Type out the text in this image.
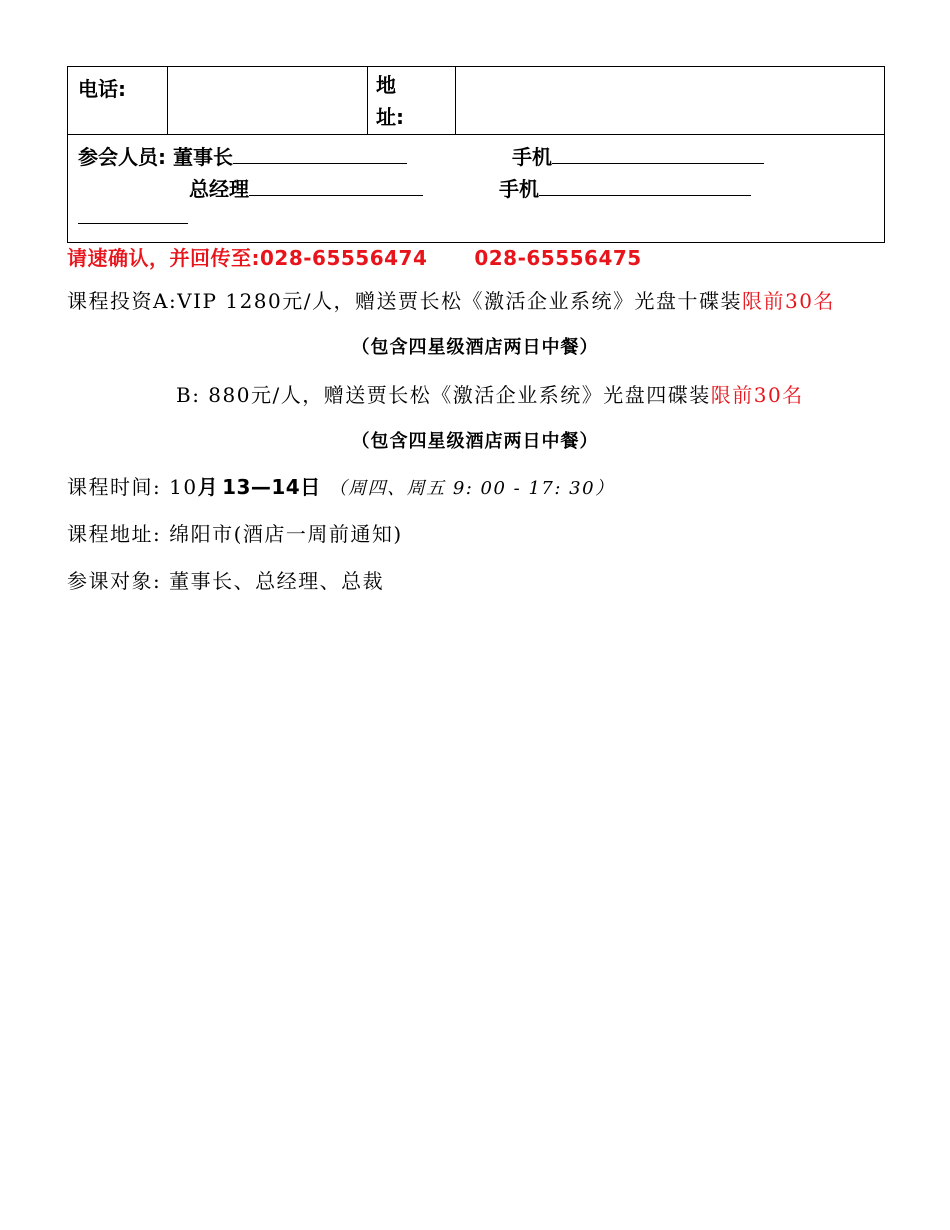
电话:		地
址:

参会人员: 董事长	手机
总经理	手机
请速确认，并回传至:028-65556474 028-65556475
课程投资A:VIP 1280元/人，赠送贾长松《激活企业系统》光盘十碟装限前30名
（包含四星级酒店两日中餐）
B: 880元/人，赠送贾长松《激活企业系统》光盘四碟装限前30名
（包含四星级酒店两日中餐）
课程时间: 10月 13—14日 （周四、周五 9: 00 - 17: 30）
课程地址: 绵阳市(酒店一周前通知)
参课对象: 董事长、总经理、总裁
